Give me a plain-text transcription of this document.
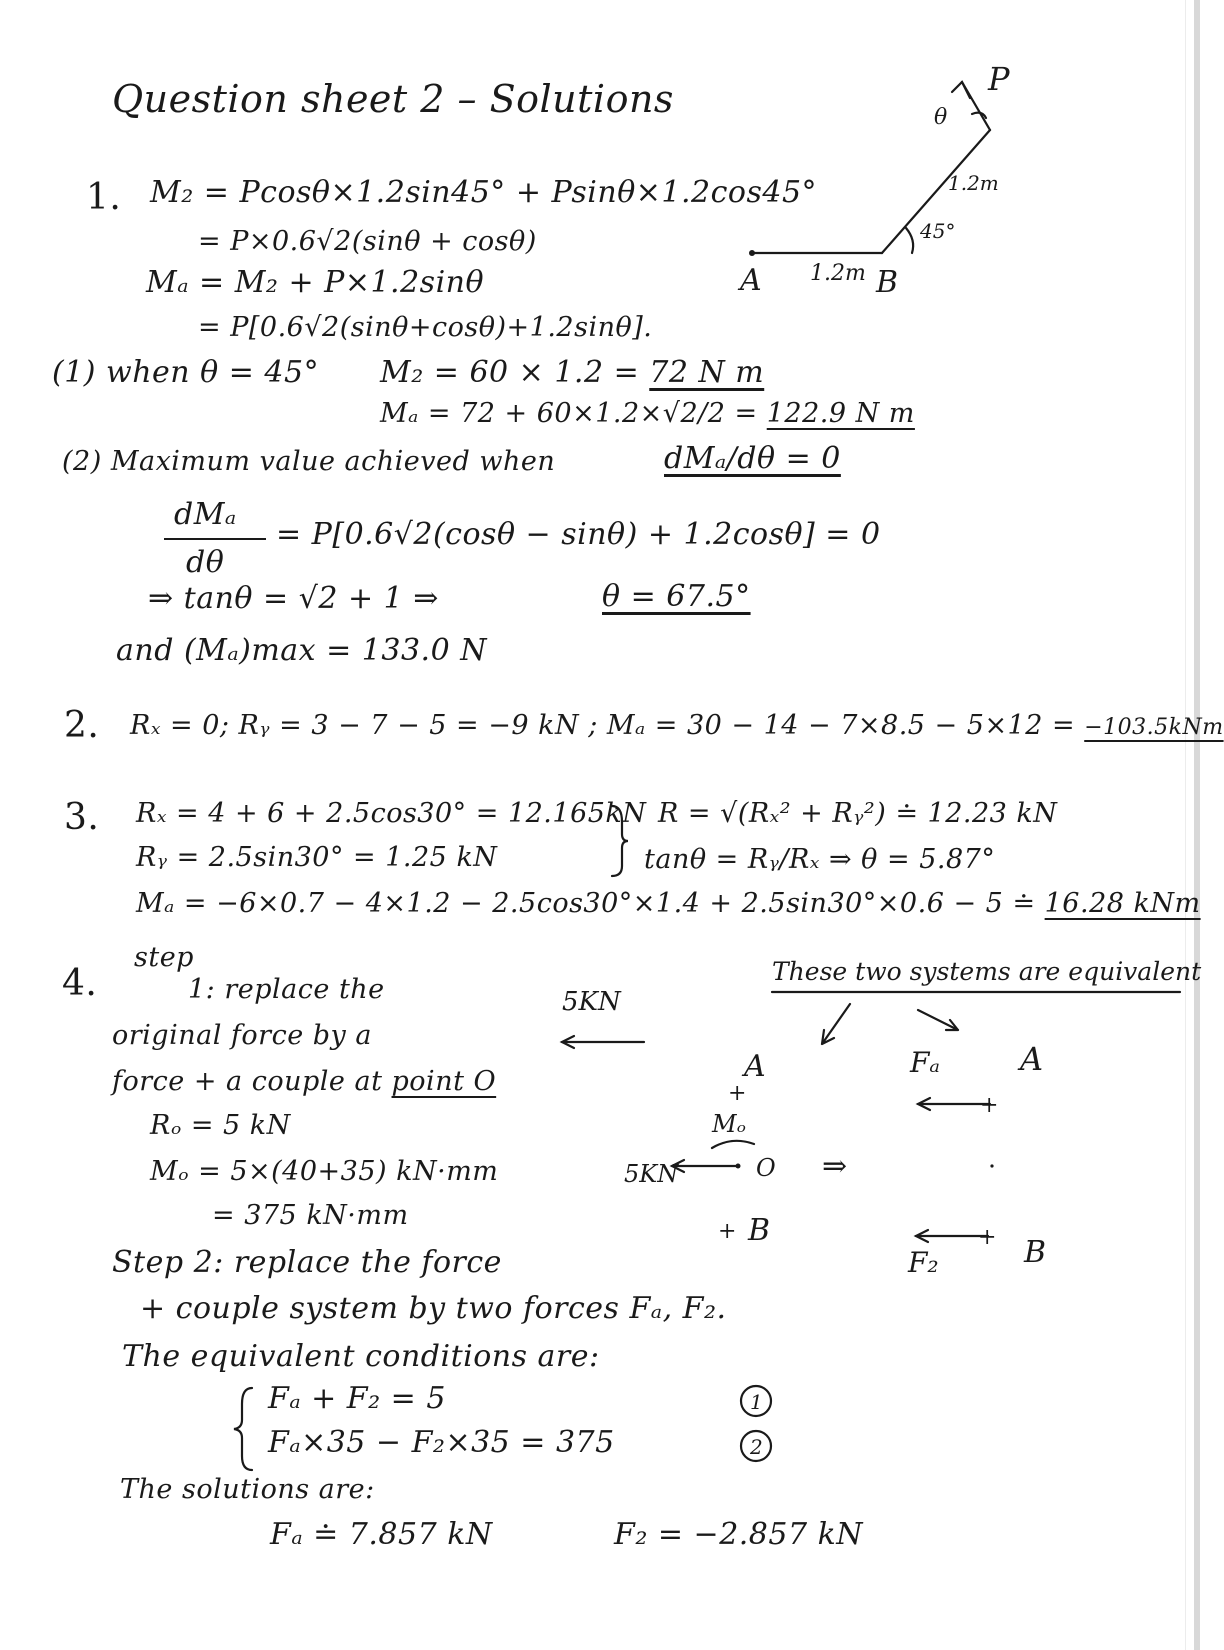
Question sheet 2 – Solutions	P
θ
1.2m
45°
A 1.2m B
1. M₂ = Pcosθ×1.2sin45° + Psinθ×1.2cos45°
= P×0.6√2(sinθ + cosθ)
Mₐ = M₂ + P×1.2sinθ
= P[0.6√2(sinθ+cosθ)+1.2sinθ].
(1) when θ = 45° M₂ = 60 × 1.2 = 72 N m
Mₐ = 72 + 60×1.2×√2/2 = 122.9 N m
(2) Maximum value achieved when	dMₐ/dθ = 0
dMₐ
dθ
= P[0.6√2(cosθ − sinθ) + 1.2cosθ] = 0
⇒ tanθ = √2 + 1 ⇒	θ = 67.5°
and (Mₐ)max = 133.0 N
2. Rₓ = 0; Rᵧ = 3 − 7 − 5 = −9 kN ; Mₐ = 30 − 14 − 7×8.5 − 5×12 = −103.5kNm
3. Rₓ = 4 + 6 + 2.5cos30° = 12.165kN
Rᵧ = 2.5sin30° = 1.25 kN
R = √(Rₓ² + Rᵧ²) ≐ 12.23 kN
tanθ = Rᵧ/Rₓ ⇒ θ = 5.87°
Mₐ = −6×0.7 − 4×1.2 − 2.5cos30°×1.4 + 2.5sin30°×0.6 − 5 ≐ 16.28 kNm
4.
step
1: replace the
original force by a
force + a couple at point O
Rₒ = 5 kN
Mₒ = 5×(40+35) kN·mm
= 375 kN·mm
Step 2: replace the force
+ couple system by two forces Fₐ, F₂.
The equivalent conditions are:
Fₐ + F₂ = 5
Fₐ×35 − F₂×35 = 375
1
2
The solutions are:
Fₐ ≐ 7.857 kN	F₂ = −2.857 kN
These two systems are equivalent
5KN
A
+
Mₒ
5KN	O ⇒
+ B
Fₐ	A
+
+
F₂	B
